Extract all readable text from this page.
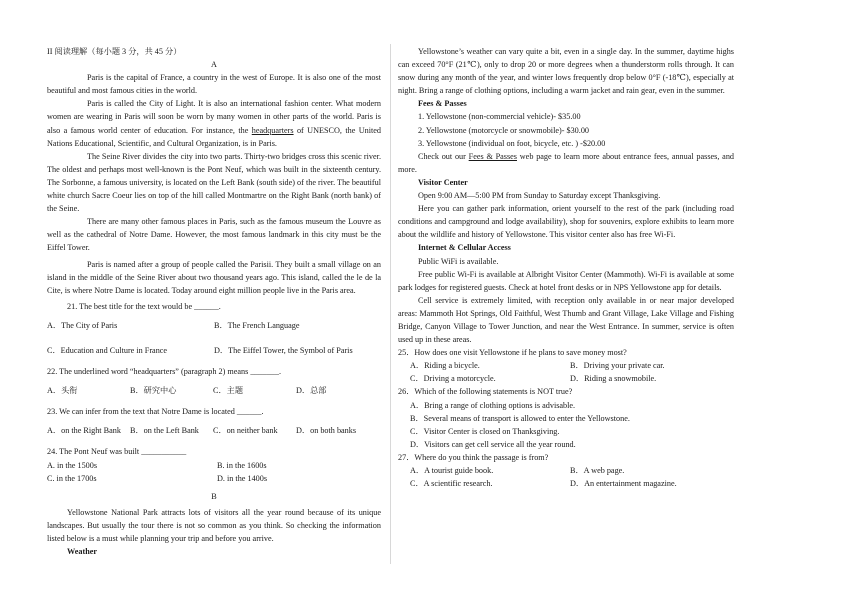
II 阅读理解（每小题 3 分，共 45 分）

A

Paris is the capital of France, a country in the west of Europe. It is also one of the most beautiful and most famous cities in the world.

Paris is called the City of Light. It is also an international fashion center. What modern women are wearing in Paris will soon be worn by many women in other parts of the world. Paris is also a famous world center of education. For instance, the headquarters of UNESCO, the United Nations Educational, Scientific, and Cultural Organization, is in Paris.

The Seine River divides the city into two parts. Thirty-two bridges cross this scenic river. The oldest and perhaps most well-known is the Pont Neuf, which was built in the sixteenth century. The Sorbonne, a famous university, is located on the Left Bank (south side) of the river. The beautiful white church Sacre Coeur lies on top of the hill called Montmartre on the Right Bank (north bank) of the Seine.

There are many other famous places in Paris, such as the famous museum the Louvre as well as the cathedral of Notre Dame. However, the most famous landmark in this city must be the Eiffel Tower.

Paris is named after a group of people called the Parisii. They built a small village on an island in the middle of the Seine River about two thousand years ago. This island, called the le de la Cite, is where Notre Dame is located. Today around eight million people live in the Paris area.

21. The best title for the text would be ______.

A．The City of Paris	B．The French Language
C．Education and Culture in France	D．The Eiffel Tower, the Symbol of Paris

22. The underlined word “headquarters” (paragraph 2) means _______.

A．头衔	B．研究中心	C．主题	D．总部

23. We can infer from the text that Notre Dame is located ______.

A．on the Right Bank	B．on the Left Bank	C．on neither bank	D．on both banks

24. The Pont Neuf was built ___________

A. in the 1500s	B. in the 1600s
C. in the 1700s	D. in the 1400s

B

Yellowstone National Park attracts lots of visitors all the year round because of its unique landscapes. But usually the tour there is not so common as you think. So checking the information listed below is a must while planning your trip and before you arrive.

Weather

Yellowstone’s weather can vary quite a bit, even in a single day. In the summer, daytime highs can exceed 70°F (21℃), only to drop 20 or more degrees when a thunderstorm rolls through. It can snow during any month of the year, and winter lows frequently drop below 0°F (-18℃), especially at night. Bring a range of clothing options, including a warm jacket and rain gear, even in the summer.

Fees & Passes

1. Yellowstone (non-commercial vehicle)- $35.00

2. Yellowstone (motorcycle or snowmobile)- $30.00

3. Yellowstone (individual on foot, bicycle, etc. ) -$20.00

Check out our Fees & Passes web page to learn more about entrance fees, annual passes, and more.

Visitor Center

Open 9:00 AM—5:00 PM from Sunday to Saturday except Thanksgiving.

Here you can gather park information, orient yourself to the rest of the park (including road conditions and campground and lodge availability), shop for souvenirs, explore exhibits to learn more about the wildlife and history of Yellowstone. This visitor center also has free Wi-Fi.

Internet & Cellular Access

Public WiFi is available.

Free public Wi-Fi is available at Albright Visitor Center (Mammoth). Wi-Fi is available at some park lodges for registered guests. Check at hotel front desks or in NPS Yellowstone app for details.

Cell service is extremely limited, with reception only available in or near major developed areas: Mammoth Hot Springs, Old Faithful, West Thumb and Grant Village, Lake Village and Fishing Bridge, Canyon Village to Tower Junction, and near the West Entrance. In summer, service is often used up in these areas.

25．How does one visit Yellowstone if he plans to save money most?

A．Riding a bicycle.	B．Driving your private car.
C．Driving a motorcycle.	D．Riding a snowmobile.

26．Which of the following statements is NOT true?

A．Bring a range of clothing options is advisable.

B．Several means of transport is allowed to enter the Yellowstone.

C．Visitor Center is closed on Thanksgiving.

D．Visitors can get cell service all the year round.

27．Where do you think the passage is from?

A．A tourist guide book.	B．A web page.
C．A scientific research.	D．An entertainment magazine.
